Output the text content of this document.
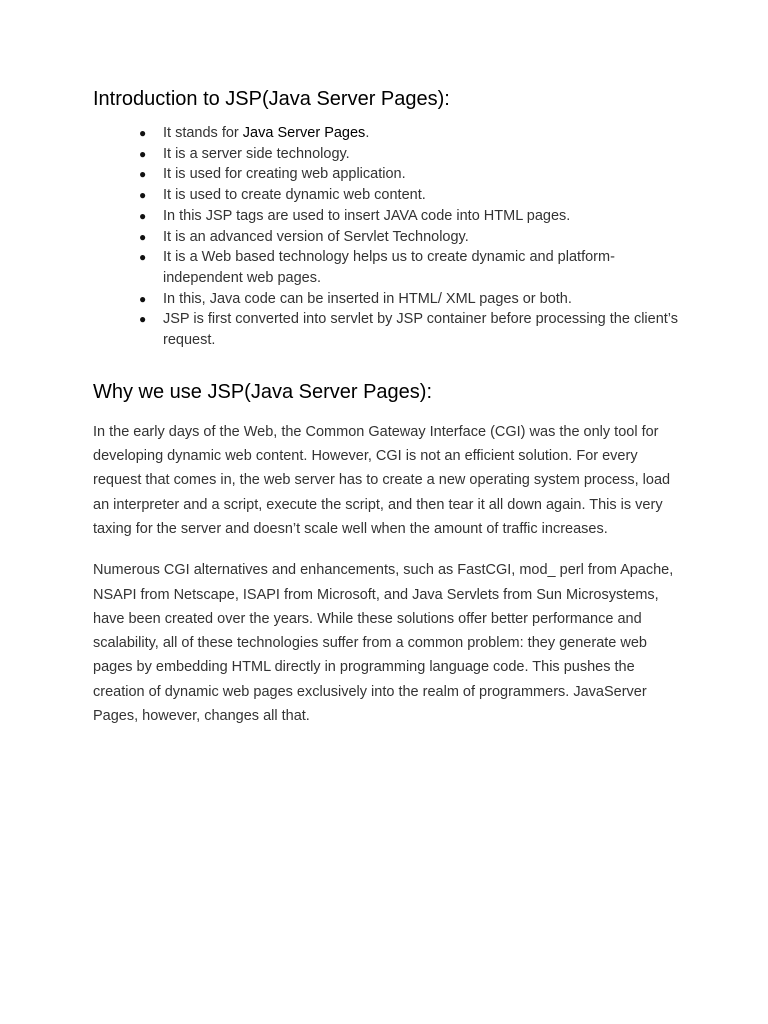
Introduction to JSP(Java Server Pages):
● It stands for Java Server Pages.
● It is a server side technology.
● It is used for creating web application.
● It is used to create dynamic web content.
● In this JSP tags are used to insert JAVA code into HTML pages.
● It is an advanced version of Servlet Technology.
● It is a Web based technology helps us to create dynamic and platform-independent web pages.
● In this, Java code can be inserted in HTML/ XML pages or both.
● JSP is first converted into servlet by JSP container before processing the client’s request.
Why we use JSP(Java Server Pages):

In the early days of the Web, the Common Gateway Interface (CGI) was the only tool for developing dynamic web content. However, CGI is not an efficient solution. For every request that comes in, the web server has to create a new operating system process, load an interpreter and a script, execute the script, and then tear it all down again. This is very taxing for the server and doesn’t scale well when the amount of traffic increases.

Numerous CGI alternatives and enhancements, such as FastCGI, mod_ perl from Apache, NSAPI from Netscape, ISAPI from Microsoft, and Java Servlets from Sun Microsystems, have been created over the years. While these solutions offer better performance and scalability, all of these technologies suffer from a common problem: they generate web pages by embedding HTML directly in programming language code. This pushes the creation of dynamic web pages exclusively into the realm of programmers. JavaServer Pages, however, changes all that.
